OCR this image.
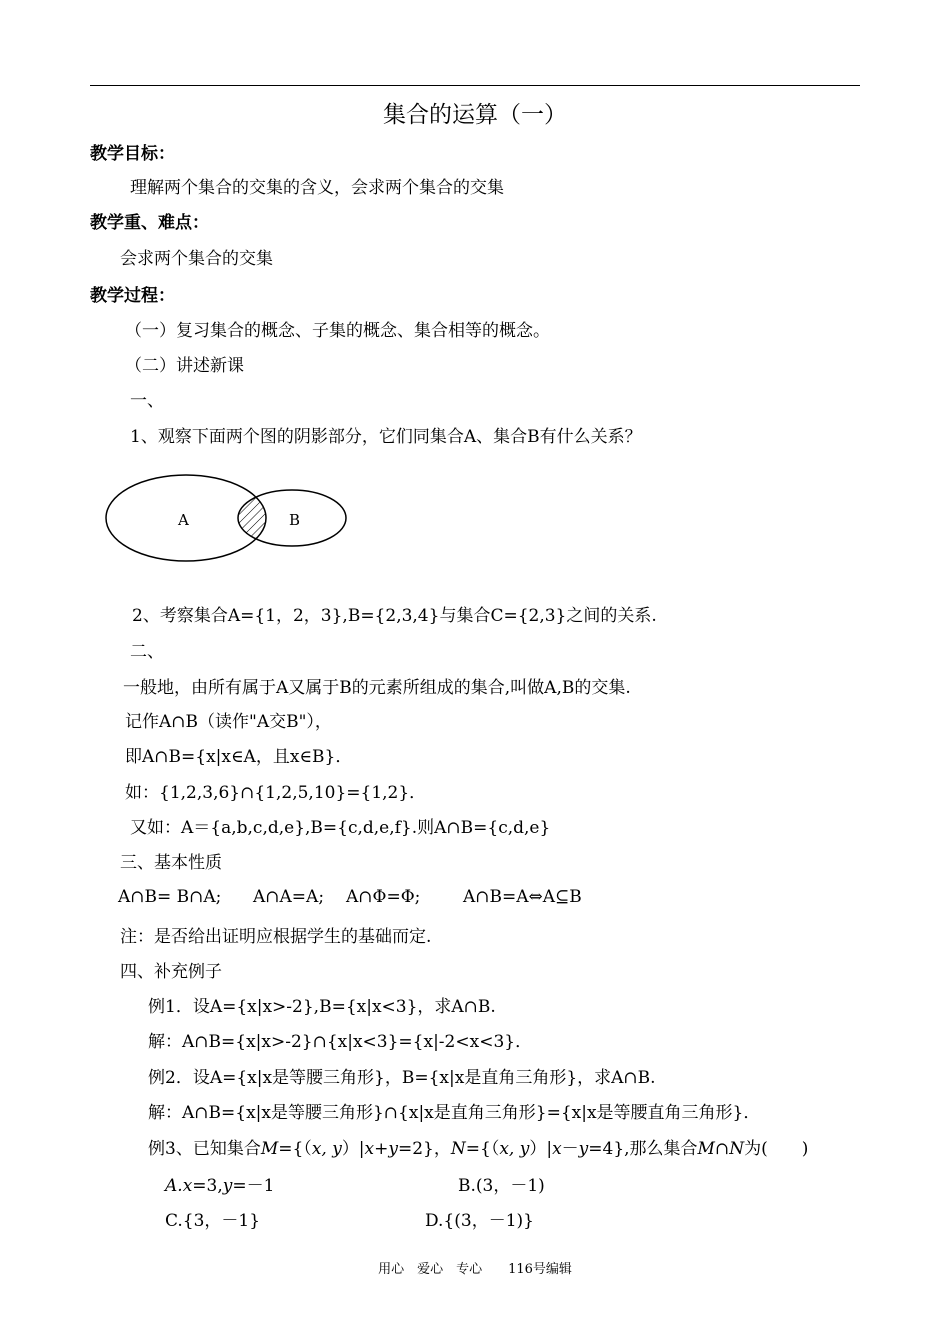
集合的运算（一）
教学目标：
理解两个集合的交集的含义，会求两个集合的交集
教学重、难点：
会求两个集合的交集
教学过程：
（一）复习集合的概念、子集的概念、集合相等的概念。
（二）讲述新课
一、
1、观察下面两个图的阴影部分，它们同集合A、集合B有什么关系？
A	B
2、考察集合A={1，2，3},B={2,3,4}与集合C={2,3}之间的关系.
二、
一般地，由所有属于A又属于B的元素所组成的集合,叫做A,B的交集.
记作A∩B（读作"A交B"），
即A∩B={x|x∈A，且x∈B}．
如：{1,2,3,6}∩{1,2,5,10}={1,2}．
又如：A＝{a,b,c,d,e},B={c,d,e,f}.则A∩B={c,d,e}
三、基本性质
A∩B= B∩A; A∩A=A; A∩Φ=Φ;	A∩B=A⇔A⊆B
注：是否给出证明应根据学生的基础而定.
四、补充例子
例1．设A={x|x>-2},B={x|x<3}，求A∩B.
解：A∩B={x|x>-2}∩{x|x<3}={x|-2<x<3}．
例2．设A={x|x是等腰三角形}，B={x|x是直角三角形}，求A∩B.
解：A∩B={x|x是等腰三角形}∩{x|x是直角三角形}={x|x是等腰直角三角形}．
例3、已知集合M={（x, y）|x+y=2}，N={（x, y）|x－y=4},那么集合M∩N为(　　)
A.x=3,y=－1	B.(3，－1)
C.{3，－1}	D.{(3，－1)}
用心　爱心　专心　　116号编辑
